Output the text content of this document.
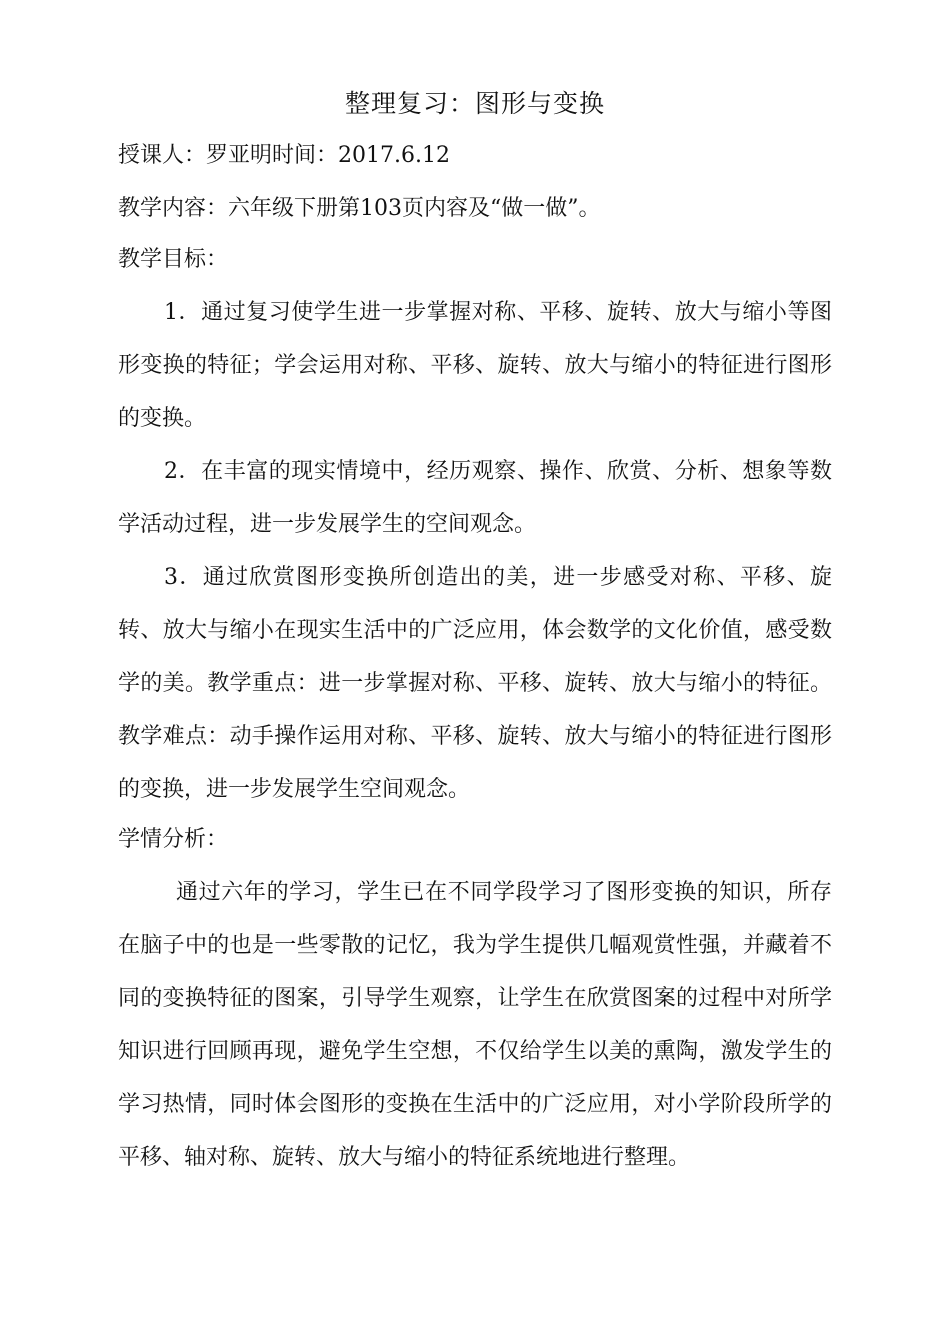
整理复习：图形与变换
授课人：罗亚明时间：2017.6.12
教学内容：六年级下册第103页内容及“做一做”。
教学目标：
1．通过复习使学生进一步掌握对称、平移、旋转、放大与缩小等图形变换的特征；学会运用对称、平移、旋转、放大与缩小的特征进行图形的变换。
2．在丰富的现实情境中，经历观察、操作、欣赏、分析、想象等数学活动过程，进一步发展学生的空间观念。
3．通过欣赏图形变换所创造出的美，进一步感受对称、平移、旋转、放大与缩小在现实生活中的广泛应用，体会数学的文化价值，感受数学的美。教学重点：进一步掌握对称、平移、旋转、放大与缩小的特征。教学难点：动手操作运用对称、平移、旋转、放大与缩小的特征进行图形的变换，进一步发展学生空间观念。
学情分析：
通过六年的学习，学生已在不同学段学习了图形变换的知识，所存在脑子中的也是一些零散的记忆，我为学生提供几幅观赏性强，并藏着不同的变换特征的图案，引导学生观察，让学生在欣赏图案的过程中对所学知识进行回顾再现，避免学生空想，不仅给学生以美的熏陶，激发学生的学习热情，同时体会图形的变换在生活中的广泛应用，对小学阶段所学的平移、轴对称、旋转、放大与缩小的特征系统地进行整理。
